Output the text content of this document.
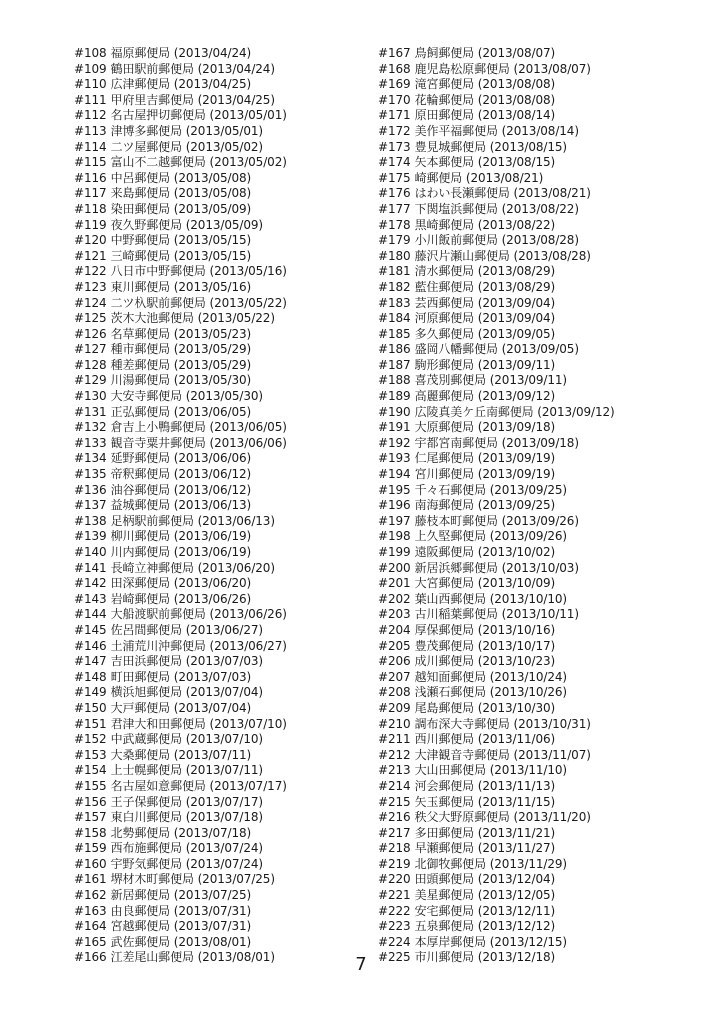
#108 福原郵便局 (2013/04/24)
#109 鶴田駅前郵便局 (2013/04/24)
#110 広津郵便局 (2013/04/25)
#111 甲府里吉郵便局 (2013/04/25)
#112 名古屋押切郵便局 (2013/05/01)
#113 津博多郵便局 (2013/05/01)
#114 二ツ屋郵便局 (2013/05/02)
#115 富山不二越郵便局 (2013/05/02)
#116 中呂郵便局 (2013/05/08)
#117 来島郵便局 (2013/05/08)
#118 染田郵便局 (2013/05/09)
#119 夜久野郵便局 (2013/05/09)
#120 中野郵便局 (2013/05/15)
#121 三崎郵便局 (2013/05/15)
#122 八日市中野郵便局 (2013/05/16)
#123 東川郵便局 (2013/05/16)
#124 二ツ杁駅前郵便局 (2013/05/22)
#125 茨木大池郵便局 (2013/05/22)
#126 名草郵便局 (2013/05/23)
#127 種市郵便局 (2013/05/29)
#128 種差郵便局 (2013/05/29)
#129 川湯郵便局 (2013/05/30)
#130 大安寺郵便局 (2013/05/30)
#131 正弘郵便局 (2013/06/05)
#132 倉吉上小鴨郵便局 (2013/06/05)
#133 観音寺粟井郵便局 (2013/06/06)
#134 延野郵便局 (2013/06/06)
#135 帝釈郵便局 (2013/06/12)
#136 油谷郵便局 (2013/06/12)
#137 益城郵便局 (2013/06/13)
#138 足柄駅前郵便局 (2013/06/13)
#139 柳川郵便局 (2013/06/19)
#140 川内郵便局 (2013/06/19)
#141 長崎立神郵便局 (2013/06/20)
#142 田深郵便局 (2013/06/20)
#143 岩崎郵便局 (2013/06/26)
#144 大船渡駅前郵便局 (2013/06/26)
#145 佐呂間郵便局 (2013/06/27)
#146 土浦荒川沖郵便局 (2013/06/27)
#147 吉田浜郵便局 (2013/07/03)
#148 町田郵便局 (2013/07/03)
#149 横浜旭郵便局 (2013/07/04)
#150 大戸郵便局 (2013/07/04)
#151 君津大和田郵便局 (2013/07/10)
#152 中武蔵郵便局 (2013/07/10)
#153 大桑郵便局 (2013/07/11)
#154 上士幌郵便局 (2013/07/11)
#155 名古屋如意郵便局 (2013/07/17)
#156 王子保郵便局 (2013/07/17)
#157 東白川郵便局 (2013/07/18)
#158 北勢郵便局 (2013/07/18)
#159 西布施郵便局 (2013/07/24)
#160 宇野気郵便局 (2013/07/24)
#161 堺材木町郵便局 (2013/07/25)
#162 新居郵便局 (2013/07/25)
#163 由良郵便局 (2013/07/31)
#164 宮越郵便局 (2013/07/31)
#165 武佐郵便局 (2013/08/01)
#166 江差尾山郵便局 (2013/08/01)
#167 鳥飼郵便局 (2013/08/07)
#168 鹿児島松原郵便局 (2013/08/07)
#169 滝宮郵便局 (2013/08/08)
#170 花輪郵便局 (2013/08/08)
#171 原田郵便局 (2013/08/14)
#172 美作平福郵便局 (2013/08/14)
#173 豊見城郵便局 (2013/08/15)
#174 矢本郵便局 (2013/08/15)
#175 崎郵便局 (2013/08/21)
#176 はわい長瀬郵便局 (2013/08/21)
#177 下関塩浜郵便局 (2013/08/22)
#178 黒崎郵便局 (2013/08/22)
#179 小川飯前郵便局 (2013/08/28)
#180 藤沢片瀬山郵便局 (2013/08/28)
#181 清水郵便局 (2013/08/29)
#182 藍住郵便局 (2013/08/29)
#183 芸西郵便局 (2013/09/04)
#184 河原郵便局 (2013/09/04)
#185 多久郵便局 (2013/09/05)
#186 盛岡八幡郵便局 (2013/09/05)
#187 駒形郵便局 (2013/09/11)
#188 喜茂別郵便局 (2013/09/11)
#189 高麗郵便局 (2013/09/12)
#190 広陵真美ケ丘南郵便局 (2013/09/12)
#191 大原郵便局 (2013/09/18)
#192 宇都宮南郵便局 (2013/09/18)
#193 仁尾郵便局 (2013/09/19)
#194 宮川郵便局 (2013/09/19)
#195 千々石郵便局 (2013/09/25)
#196 南海郵便局 (2013/09/25)
#197 藤枝本町郵便局 (2013/09/26)
#198 上久堅郵便局 (2013/09/26)
#199 遠阪郵便局 (2013/10/02)
#200 新居浜郷郵便局 (2013/10/03)
#201 大宮郵便局 (2013/10/09)
#202 葉山西郵便局 (2013/10/10)
#203 古川稲葉郵便局 (2013/10/11)
#204 厚保郵便局 (2013/10/16)
#205 豊茂郵便局 (2013/10/17)
#206 成川郵便局 (2013/10/23)
#207 越知面郵便局 (2013/10/24)
#208 浅瀬石郵便局 (2013/10/26)
#209 尾島郵便局 (2013/10/30)
#210 調布深大寺郵便局 (2013/10/31)
#211 西川郵便局 (2013/11/06)
#212 大津観音寺郵便局 (2013/11/07)
#213 大山田郵便局 (2013/11/10)
#214 河会郵便局 (2013/11/13)
#215 矢玉郵便局 (2013/11/15)
#216 秩父大野原郵便局 (2013/11/20)
#217 多田郵便局 (2013/11/21)
#218 早瀬郵便局 (2013/11/27)
#219 北御牧郵便局 (2013/11/29)
#220 田頭郵便局 (2013/12/04)
#221 美星郵便局 (2013/12/05)
#222 安宅郵便局 (2013/12/11)
#223 五泉郵便局 (2013/12/12)
#224 本厚岸郵便局 (2013/12/15)
#225 市川郵便局 (2013/12/18)
7
